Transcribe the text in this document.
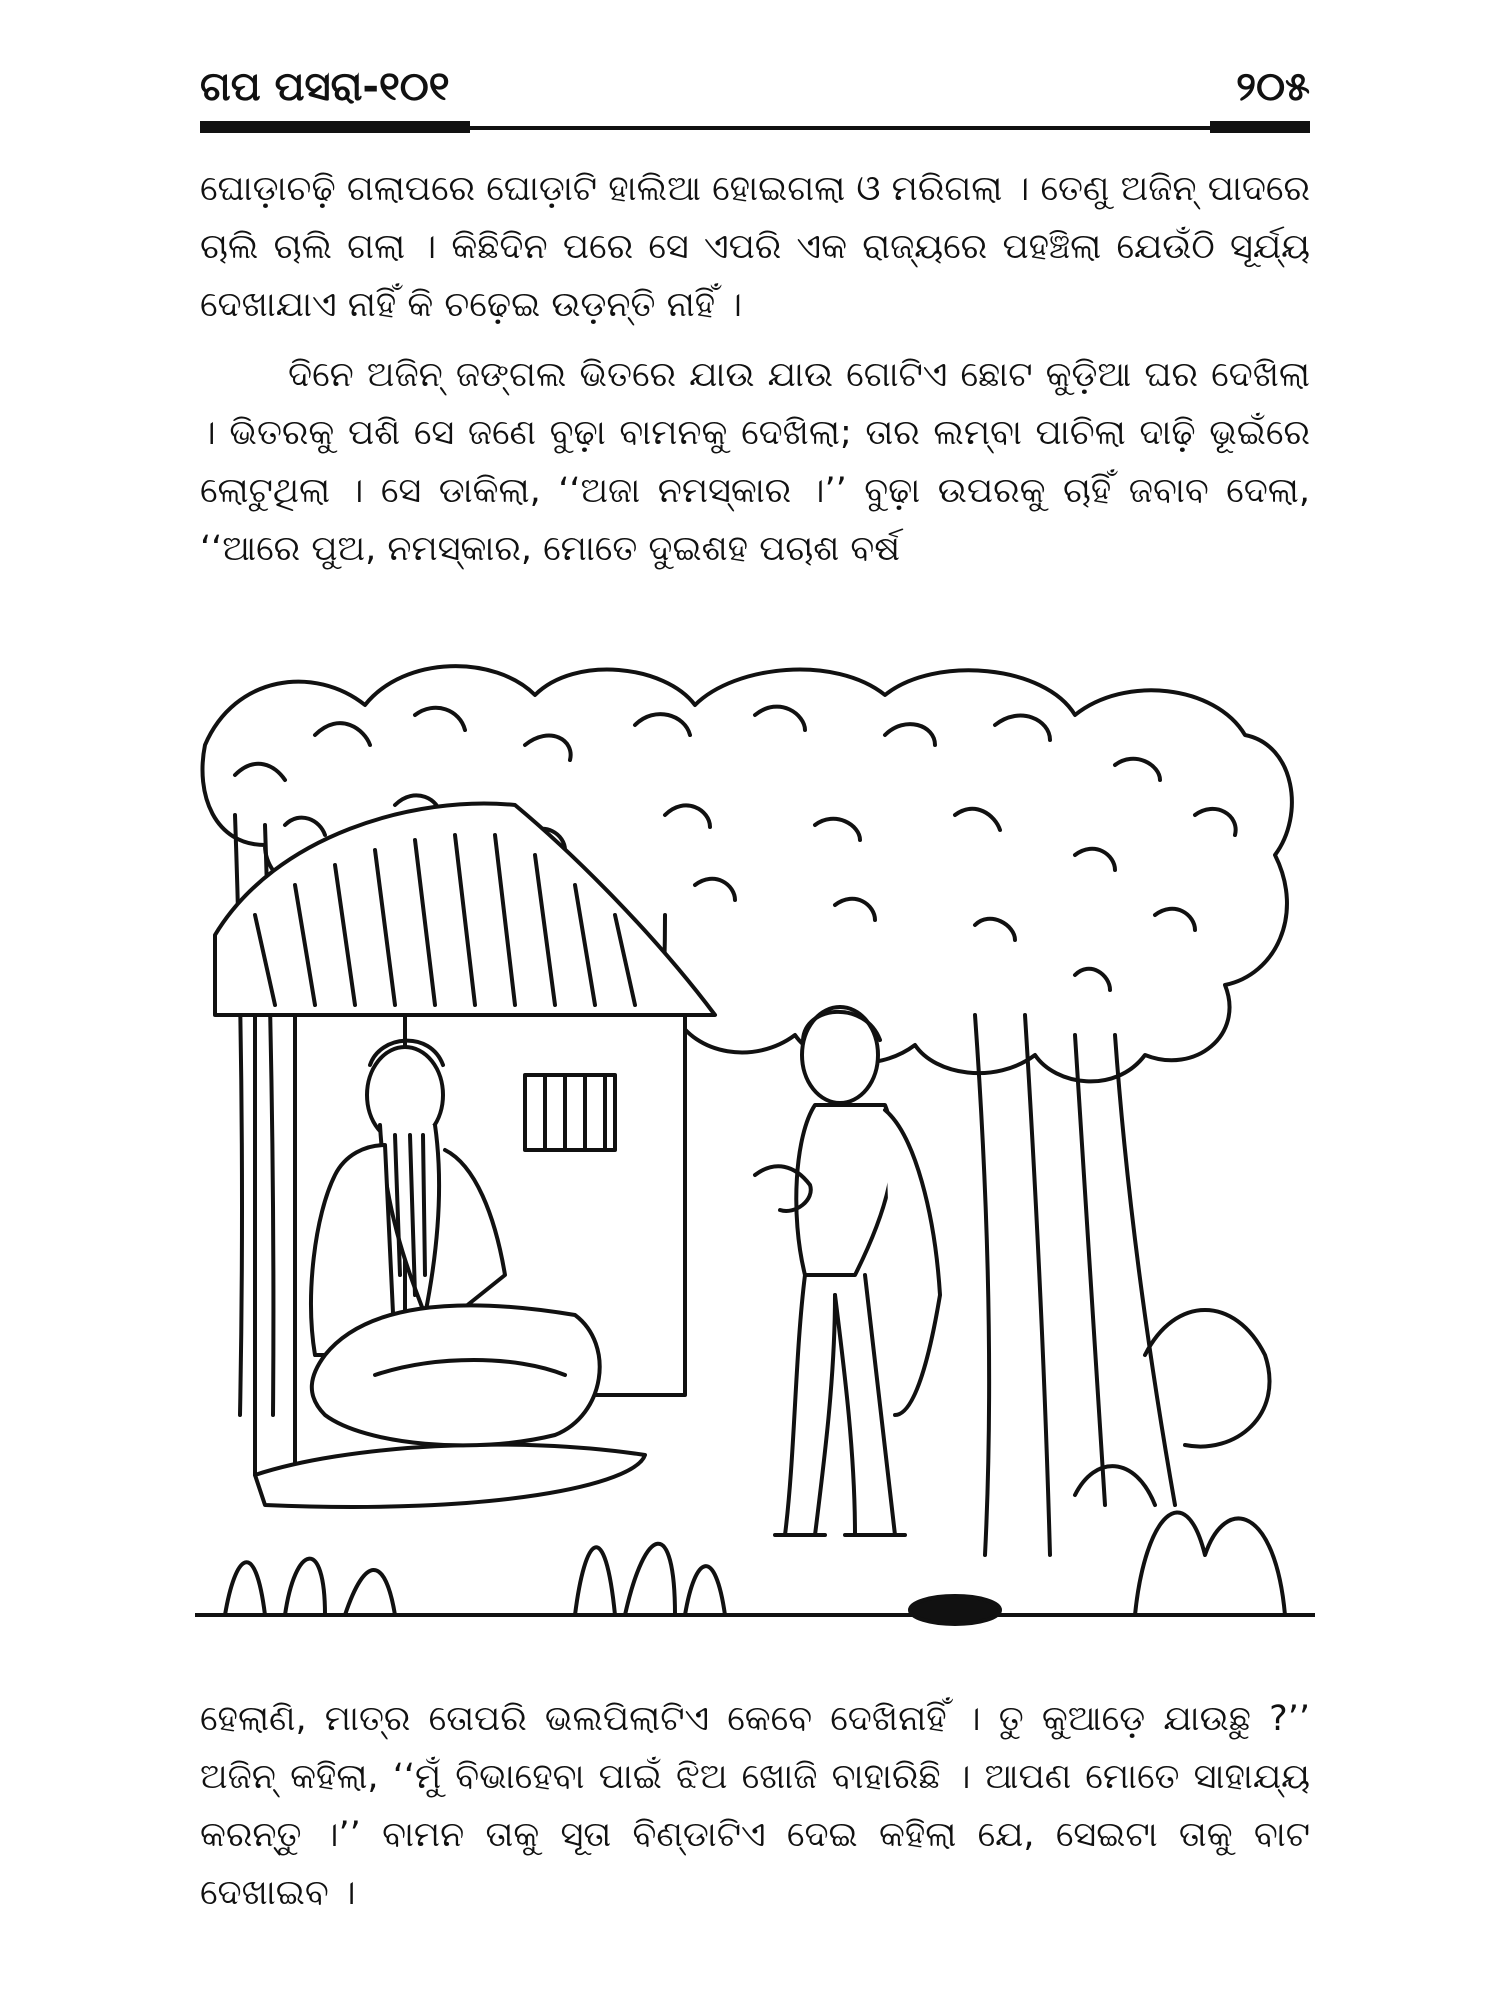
ଗପ ପସରା-୧୦୧	୨୦୫

ଘୋଡ଼ାଚଢ଼ି ଗଲାପରେ ଘୋଡ଼ାଟି ହାଲିଆ ହୋଇଗଲା ଓ ମରିଗଲା । ତେଣୁ ଅଜିନ୍ ପାଦରେ ଚାଲି ଚାଲି ଗଲା । କିଛିଦିନ ପରେ ସେ ଏପରି ଏକ ରାଜ୍ୟରେ ପହଞ୍ଚିଲା ଯେଉଁଠି ସୂର୍ଯ୍ୟ ଦେଖାଯାଏ ନାହିଁ କି ଚଢ଼େଇ ଉଡ଼ନ୍ତି ନାହିଁ ।

ଦିନେ ଅଜିନ୍ ଜଙ୍ଗଲ ଭିତରେ ଯାଉ ଯାଉ ଗୋଟିଏ ଛୋଟ କୁଡ଼ିଆ ଘର ଦେଖିଲା । ଭିତରକୁ ପଶି ସେ ଜଣେ ବୁଢ଼ା ବାମନକୁ ଦେଖିଲା; ତାର ଲମ୍ବା ପାଚିଲା ଦାଢ଼ି ଭୂଇଁରେ ଲୋଟୁଥିଲା । ସେ ଡାକିଲା, ‘‘ଅଜା ନମସ୍କାର ।’’ ବୁଢ଼ା ଉପରକୁ ଚାହିଁ ଜବାବ ଦେଲା, ‘‘ଆରେ ପୁଅ, ନମସ୍କାର, ମୋତେ ଦୁଇଶହ ପଚାଶ ବର୍ଷ

ହେଲାଣି, ମାତ୍ର ତୋପରି ଭଲପିଲାଟିଏ କେବେ ଦେଖିନାହିଁ । ତୁ କୁଆଡ଼େ ଯାଉଛୁ ?’’ ଅଜିନ୍ କହିଲା, ‘‘ମୁଁ ବିଭାହେବା ପାଇଁ ଝିଅ ଖୋଜି ବାହାରିଛି । ଆପଣ ମୋତେ ସାହାଯ୍ୟ କରନ୍ତୁ ।’’ ବାମନ ତାକୁ ସୂତା ବିଣ୍ଡାଟିଏ ଦେଇ କହିଲା ଯେ, ସେଇଟା ତାକୁ ବାଟ ଦେଖାଇବ ।
